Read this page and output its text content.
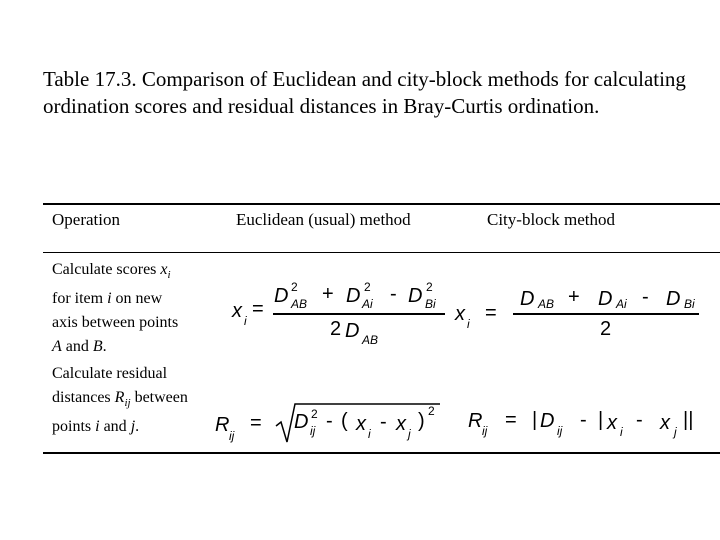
Table 17.3. Comparison of Euclidean and city-block methods for calculating ordination scores and residual distances in Bray-Curtis ordination.
Operation	Euclidean (usual) method	City-block method
Calculate scores $x_i$
for item i on new
axis between points
A and B.
Calculate residual
distances $R_{ij}$ between
points i and j.
x i
=
D 2
AB + D 2
Ai - D 2
Bi
2 D AB
x i =
D AB + D Ai - D Bi
2
R ij
= D 2
ij - ( x i
- x j
) 2 R ij = | D ij - | x i
- x j
||
